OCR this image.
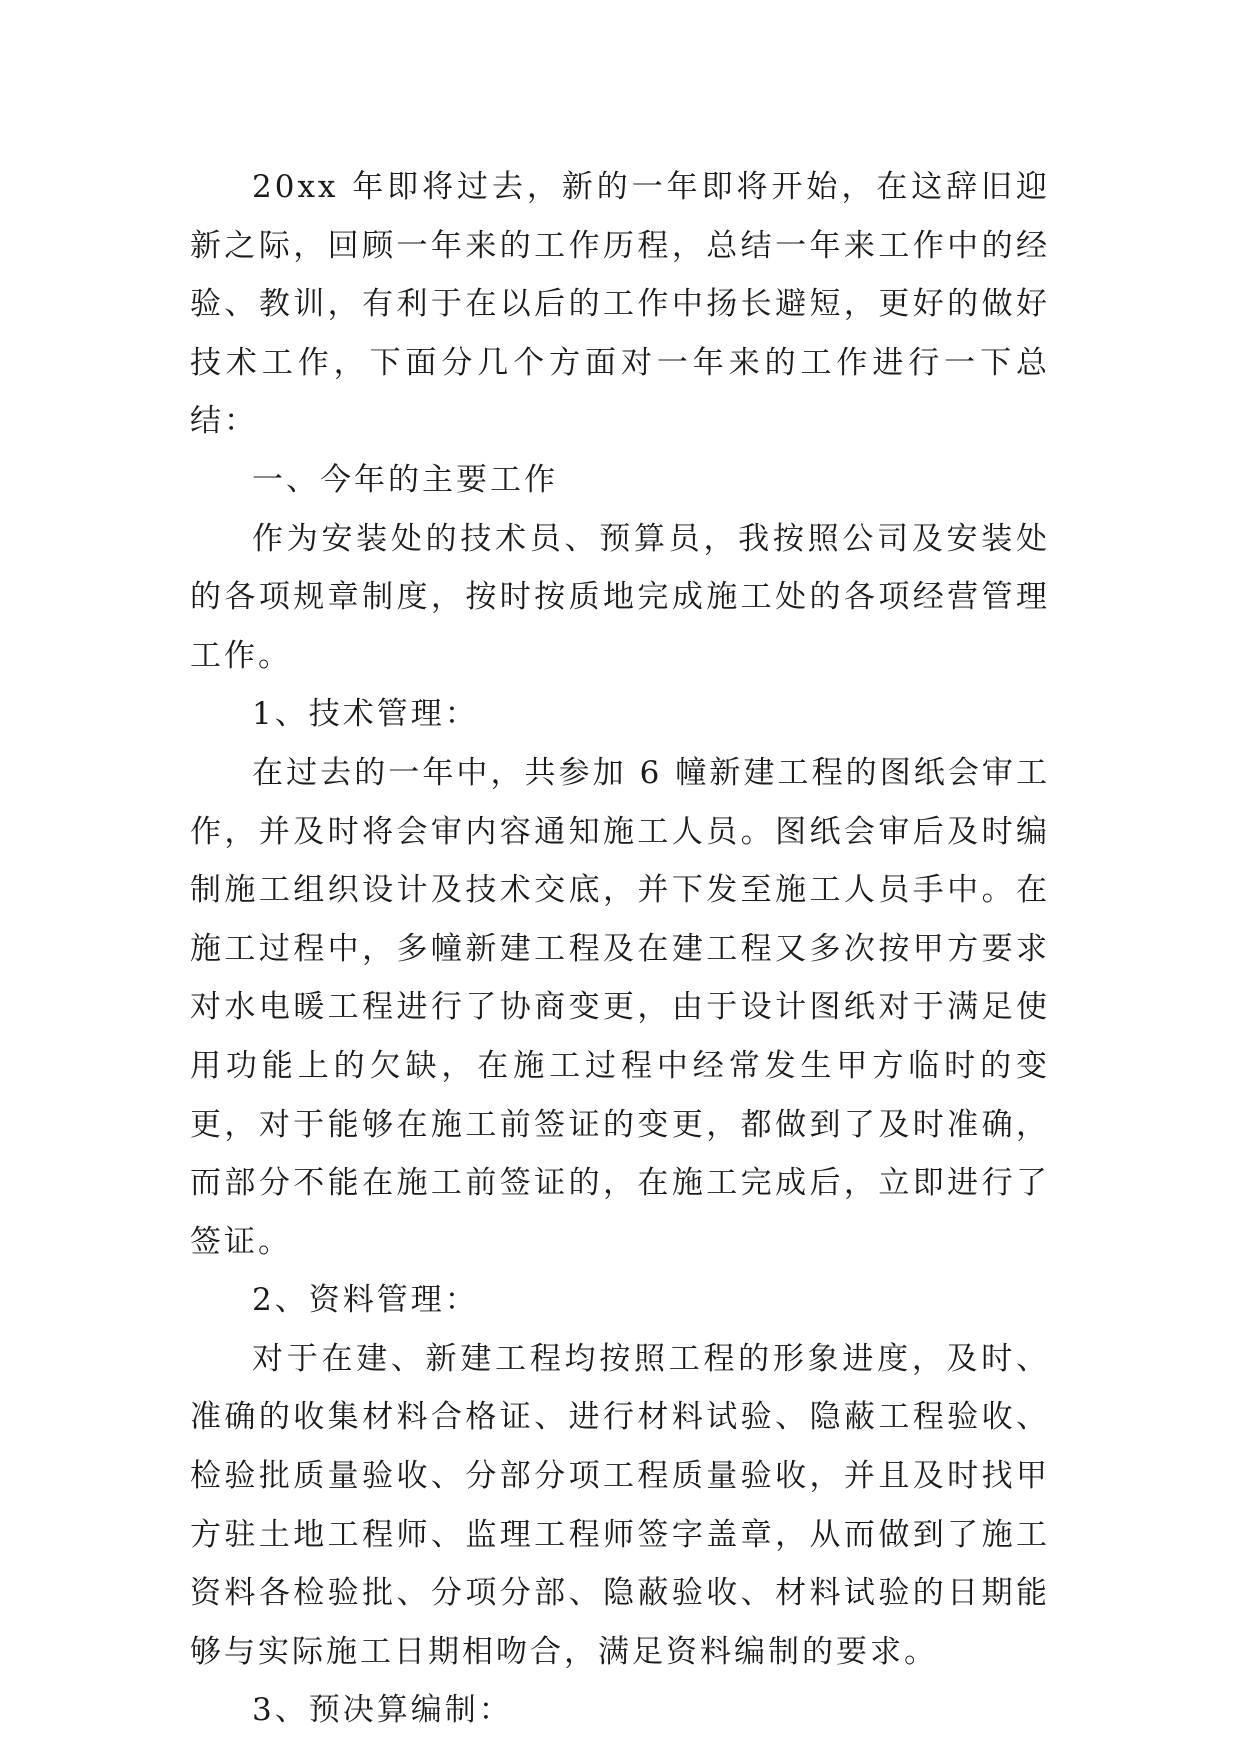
20xx 年即将过去，新的一年即将开始，在这辞旧迎新之际，回顾一年来的工作历程，总结一年来工作中的经验、教训，有利于在以后的工作中扬长避短，更好的做好技术工作，下面分几个方面对一年来的工作进行一下总结：

一、今年的主要工作

作为安装处的技术员、预算员，我按照公司及安装处的各项规章制度，按时按质地完成施工处的各项经营管理工作。

1、技术管理：

在过去的一年中，共参加 6 幢新建工程的图纸会审工作，并及时将会审内容通知施工人员。图纸会审后及时编制施工组织设计及技术交底，并下发至施工人员手中。在施工过程中，多幢新建工程及在建工程又多次按甲方要求对水电暖工程进行了协商变更，由于设计图纸对于满足使用功能上的欠缺，在施工过程中经常发生甲方临时的变更，对于能够在施工前签证的变更，都做到了及时准确，而部分不能在施工前签证的，在施工完成后，立即进行了签证。

2、资料管理：

对于在建、新建工程均按照工程的形象进度，及时、准确的收集材料合格证、进行材料试验、隐蔽工程验收、检验批质量验收、分部分项工程质量验收，并且及时找甲方驻土地工程师、监理工程师签字盖章，从而做到了施工资料各检验批、分项分部、隐蔽验收、材料试验的日期能够与实际施工日期相吻合，满足资料编制的要求。

3、预决算编制：
